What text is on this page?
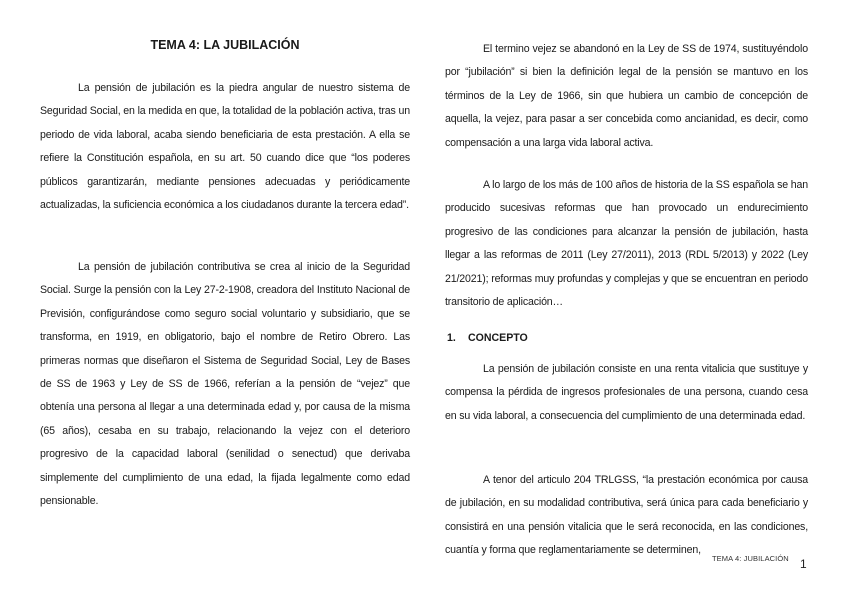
TEMA 4: LA JUBILACIÓN

La pensión de jubilación es la piedra angular de nuestro sistema de Seguridad Social, en la medida en que, la totalidad de la población activa, tras un periodo de vida laboral, acaba siendo beneficiaria de esta prestación. A ella se refiere la Constitución española, en su art. 50 cuando dice que “los poderes públicos garantizarán, mediante pensiones adecuadas y periódicamente actualizadas, la suficiencia económica a los ciudadanos durante la tercera edad”.

La pensión de jubilación contributiva se crea al inicio de la Seguridad Social. Surge la pensión con la Ley 27-2-1908, creadora del Instituto Nacional de Previsión, configurándose como seguro social voluntario y subsidiario, que se transforma, en 1919, en obligatorio, bajo el nombre de Retiro Obrero. Las primeras normas que diseñaron el Sistema de Seguridad Social, Ley de Bases de SS de 1963 y Ley de SS de 1966, referían a la pensión de “vejez” que obtenía una persona al llegar a una determinada edad y, por causa de la misma (65 años), cesaba en su trabajo, relacionando la vejez con el deterioro progresivo de la capacidad laboral (senilidad o senectud) que derivaba simplemente del cumplimiento de una edad, la fijada legalmente como edad pensionable.

El termino vejez se abandonó en la Ley de SS de 1974, sustituyéndolo por “jubilación” si bien la definición legal de la pensión se mantuvo en los términos de la Ley de 1966, sin que hubiera un cambio de concepción de aquella, la vejez, para pasar a ser concebida como ancianidad, es decir, como compensación a una larga vida laboral activa.

A lo largo de los más de 100 años de historia de la SS española se han producido sucesivas reformas que han provocado un endurecimiento progresivo de las condiciones para alcanzar la pensión de jubilación, hasta llegar a las reformas de 2011 (Ley 27/2011), 2013 (RDL 5/2013) y 2022 (Ley 21/2021); reformas muy profundas y complejas y que se encuentran en periodo transitorio de aplicación…

1. CONCEPTO

La pensión de jubilación consiste en una renta vitalicia que sustituye y compensa la pérdida de ingresos profesionales de una persona, cuando cesa en su vida laboral, a consecuencia del cumplimiento de una determinada edad.

A tenor del articulo 204 TRLGSS, “la prestación económica por causa de jubilación, en su modalidad contributiva, será única para cada beneficiario y consistirá en una pensión vitalicia que le será reconocida, en las condiciones, cuantía y forma que reglamentariamente se determinen,

TEMA 4: JUBILACIÓN 1
